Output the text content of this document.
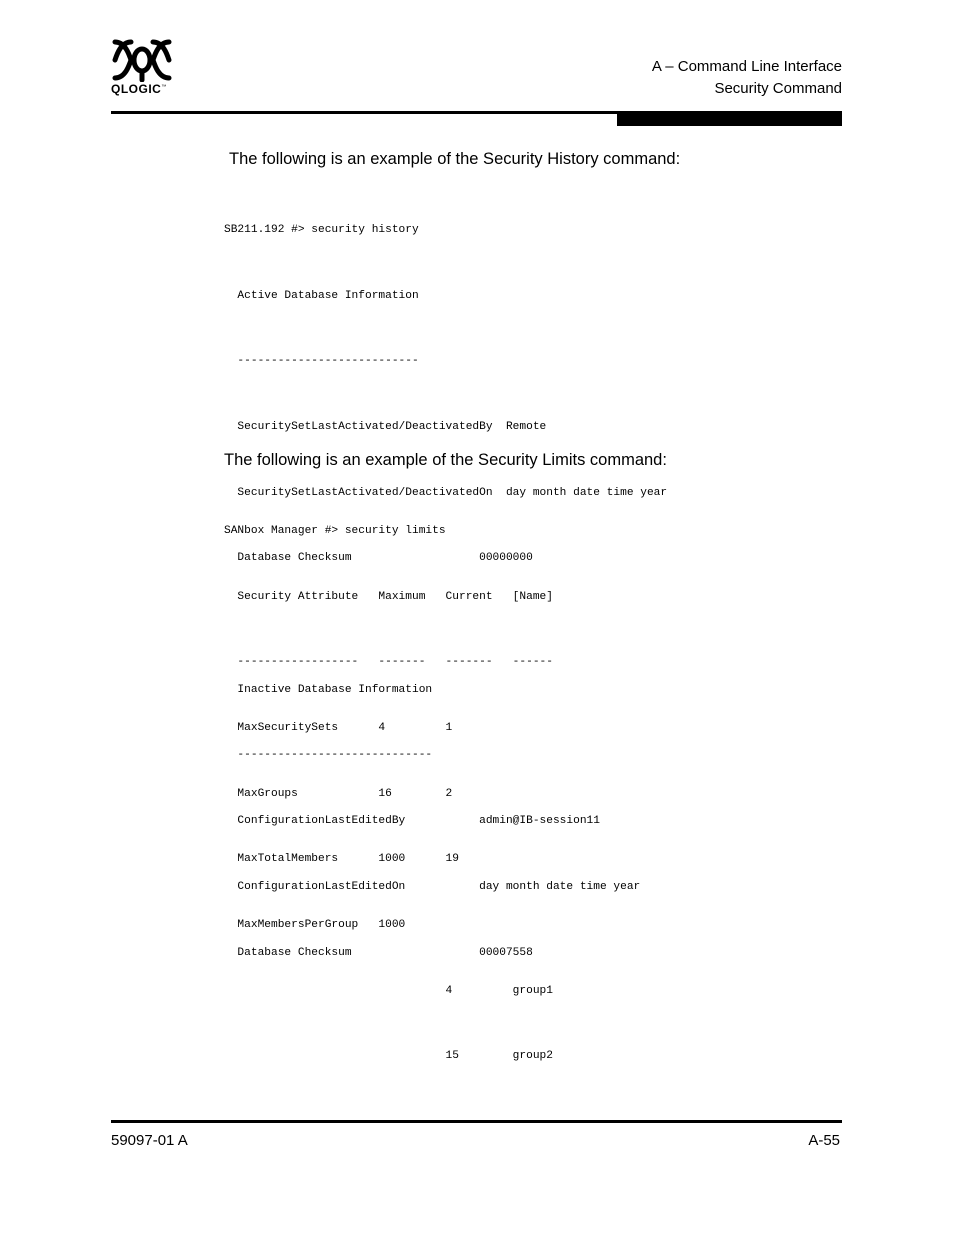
QLOGIC™
A – Command Line Interface
Security Command
The following is an example of the Security History command:

SB211.192 #> security history

Active Database Information

---------------------------

SecuritySetLastActivated/DeactivatedBy  Remote

SecuritySetLastActivated/DeactivatedOn  day month date time year

Database Checksum                   00000000

Inactive Database Information

-----------------------------

ConfigurationLastEditedBy           admin@IB-session11

ConfigurationLastEditedOn           day month date time year

Database Checksum                   00007558

The following is an example of the Security Limits command:

SANbox Manager #> security limits

Security Attribute   Maximum   Current   [Name]

------------------   -------   -------   ------

MaxSecuritySets      4         1

MaxGroups            16        2

MaxTotalMembers      1000      19

MaxMembersPerGroup   1000

4         group1

15        group2

59097-01 A	A-55
